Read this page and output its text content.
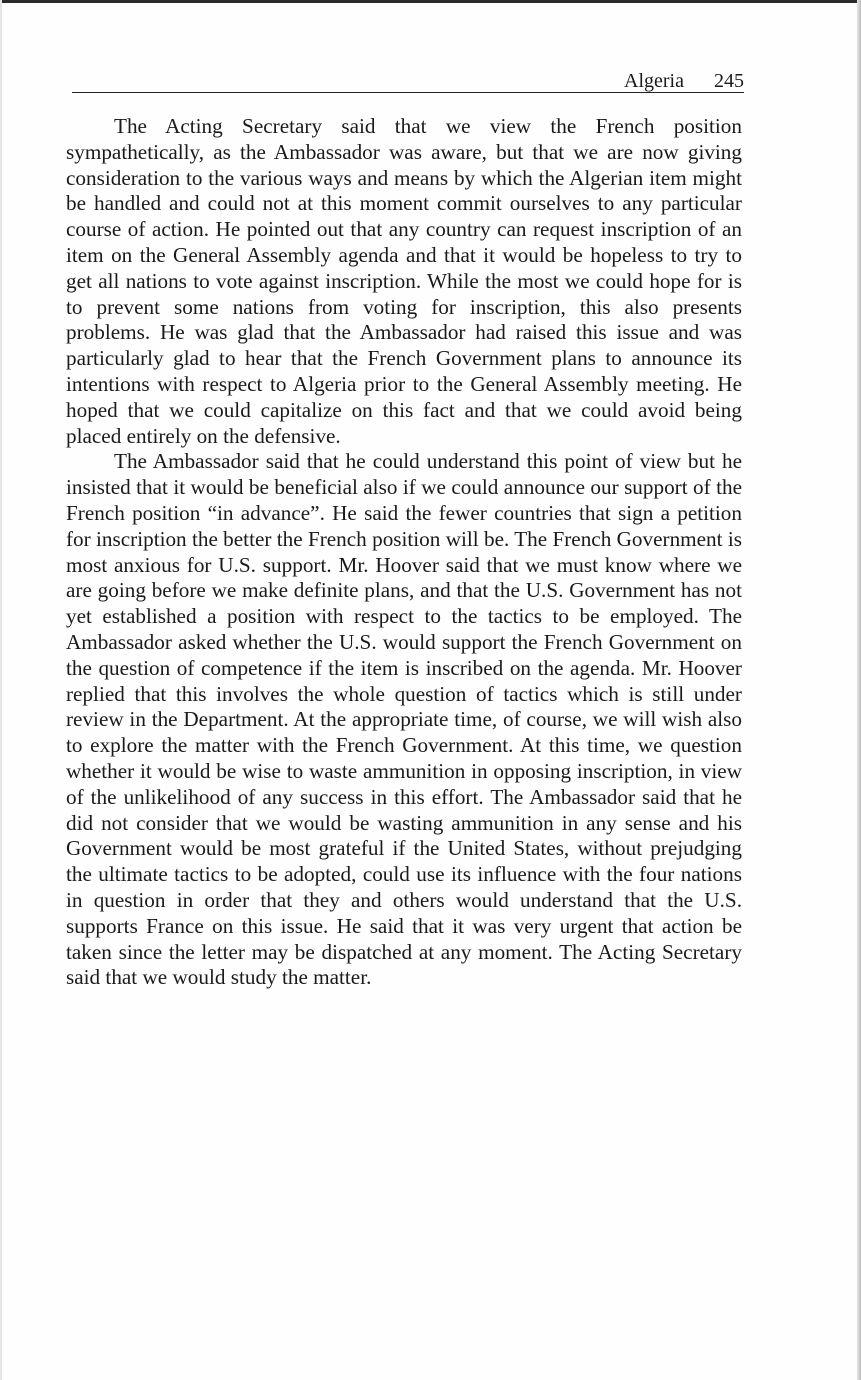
Algeria 245

The Acting Secretary said that we view the French position sympathetically, as the Ambassador was aware, but that we are now giving consideration to the various ways and means by which the Algerian item might be handled and could not at this moment commit ourselves to any particular course of action. He pointed out that any country can request inscription of an item on the General Assembly agenda and that it would be hopeless to try to get all nations to vote against inscription. While the most we could hope for is to prevent some nations from voting for inscription, this also presents problems. He was glad that the Ambassador had raised this issue and was particularly glad to hear that the French Government plans to announce its intentions with respect to Algeria prior to the General Assembly meeting. He hoped that we could capitalize on this fact and that we could avoid being placed entirely on the defensive.

The Ambassador said that he could understand this point of view but he insisted that it would be beneficial also if we could announce our support of the French position “in advance”. He said the fewer countries that sign a petition for inscription the better the French position will be. The French Government is most anxious for U.S. support. Mr. Hoover said that we must know where we are going before we make definite plans, and that the U.S. Government has not yet established a position with respect to the tactics to be employed. The Ambassador asked whether the U.S. would support the French Government on the question of competence if the item is inscribed on the agenda. Mr. Hoover replied that this involves the whole question of tactics which is still under review in the Department. At the appropriate time, of course, we will wish also to explore the matter with the French Government. At this time, we question whether it would be wise to waste ammunition in opposing inscription, in view of the unlikelihood of any success in this effort. The Ambassador said that he did not consider that we would be wasting ammunition in any sense and his Government would be most grateful if the United States, without prejudging the ultimate tactics to be adopted, could use its influence with the four nations in question in order that they and others would understand that the U.S. supports France on this issue. He said that it was very urgent that action be taken since the letter may be dispatched at any moment. The Acting Secretary said that we would study the matter.
